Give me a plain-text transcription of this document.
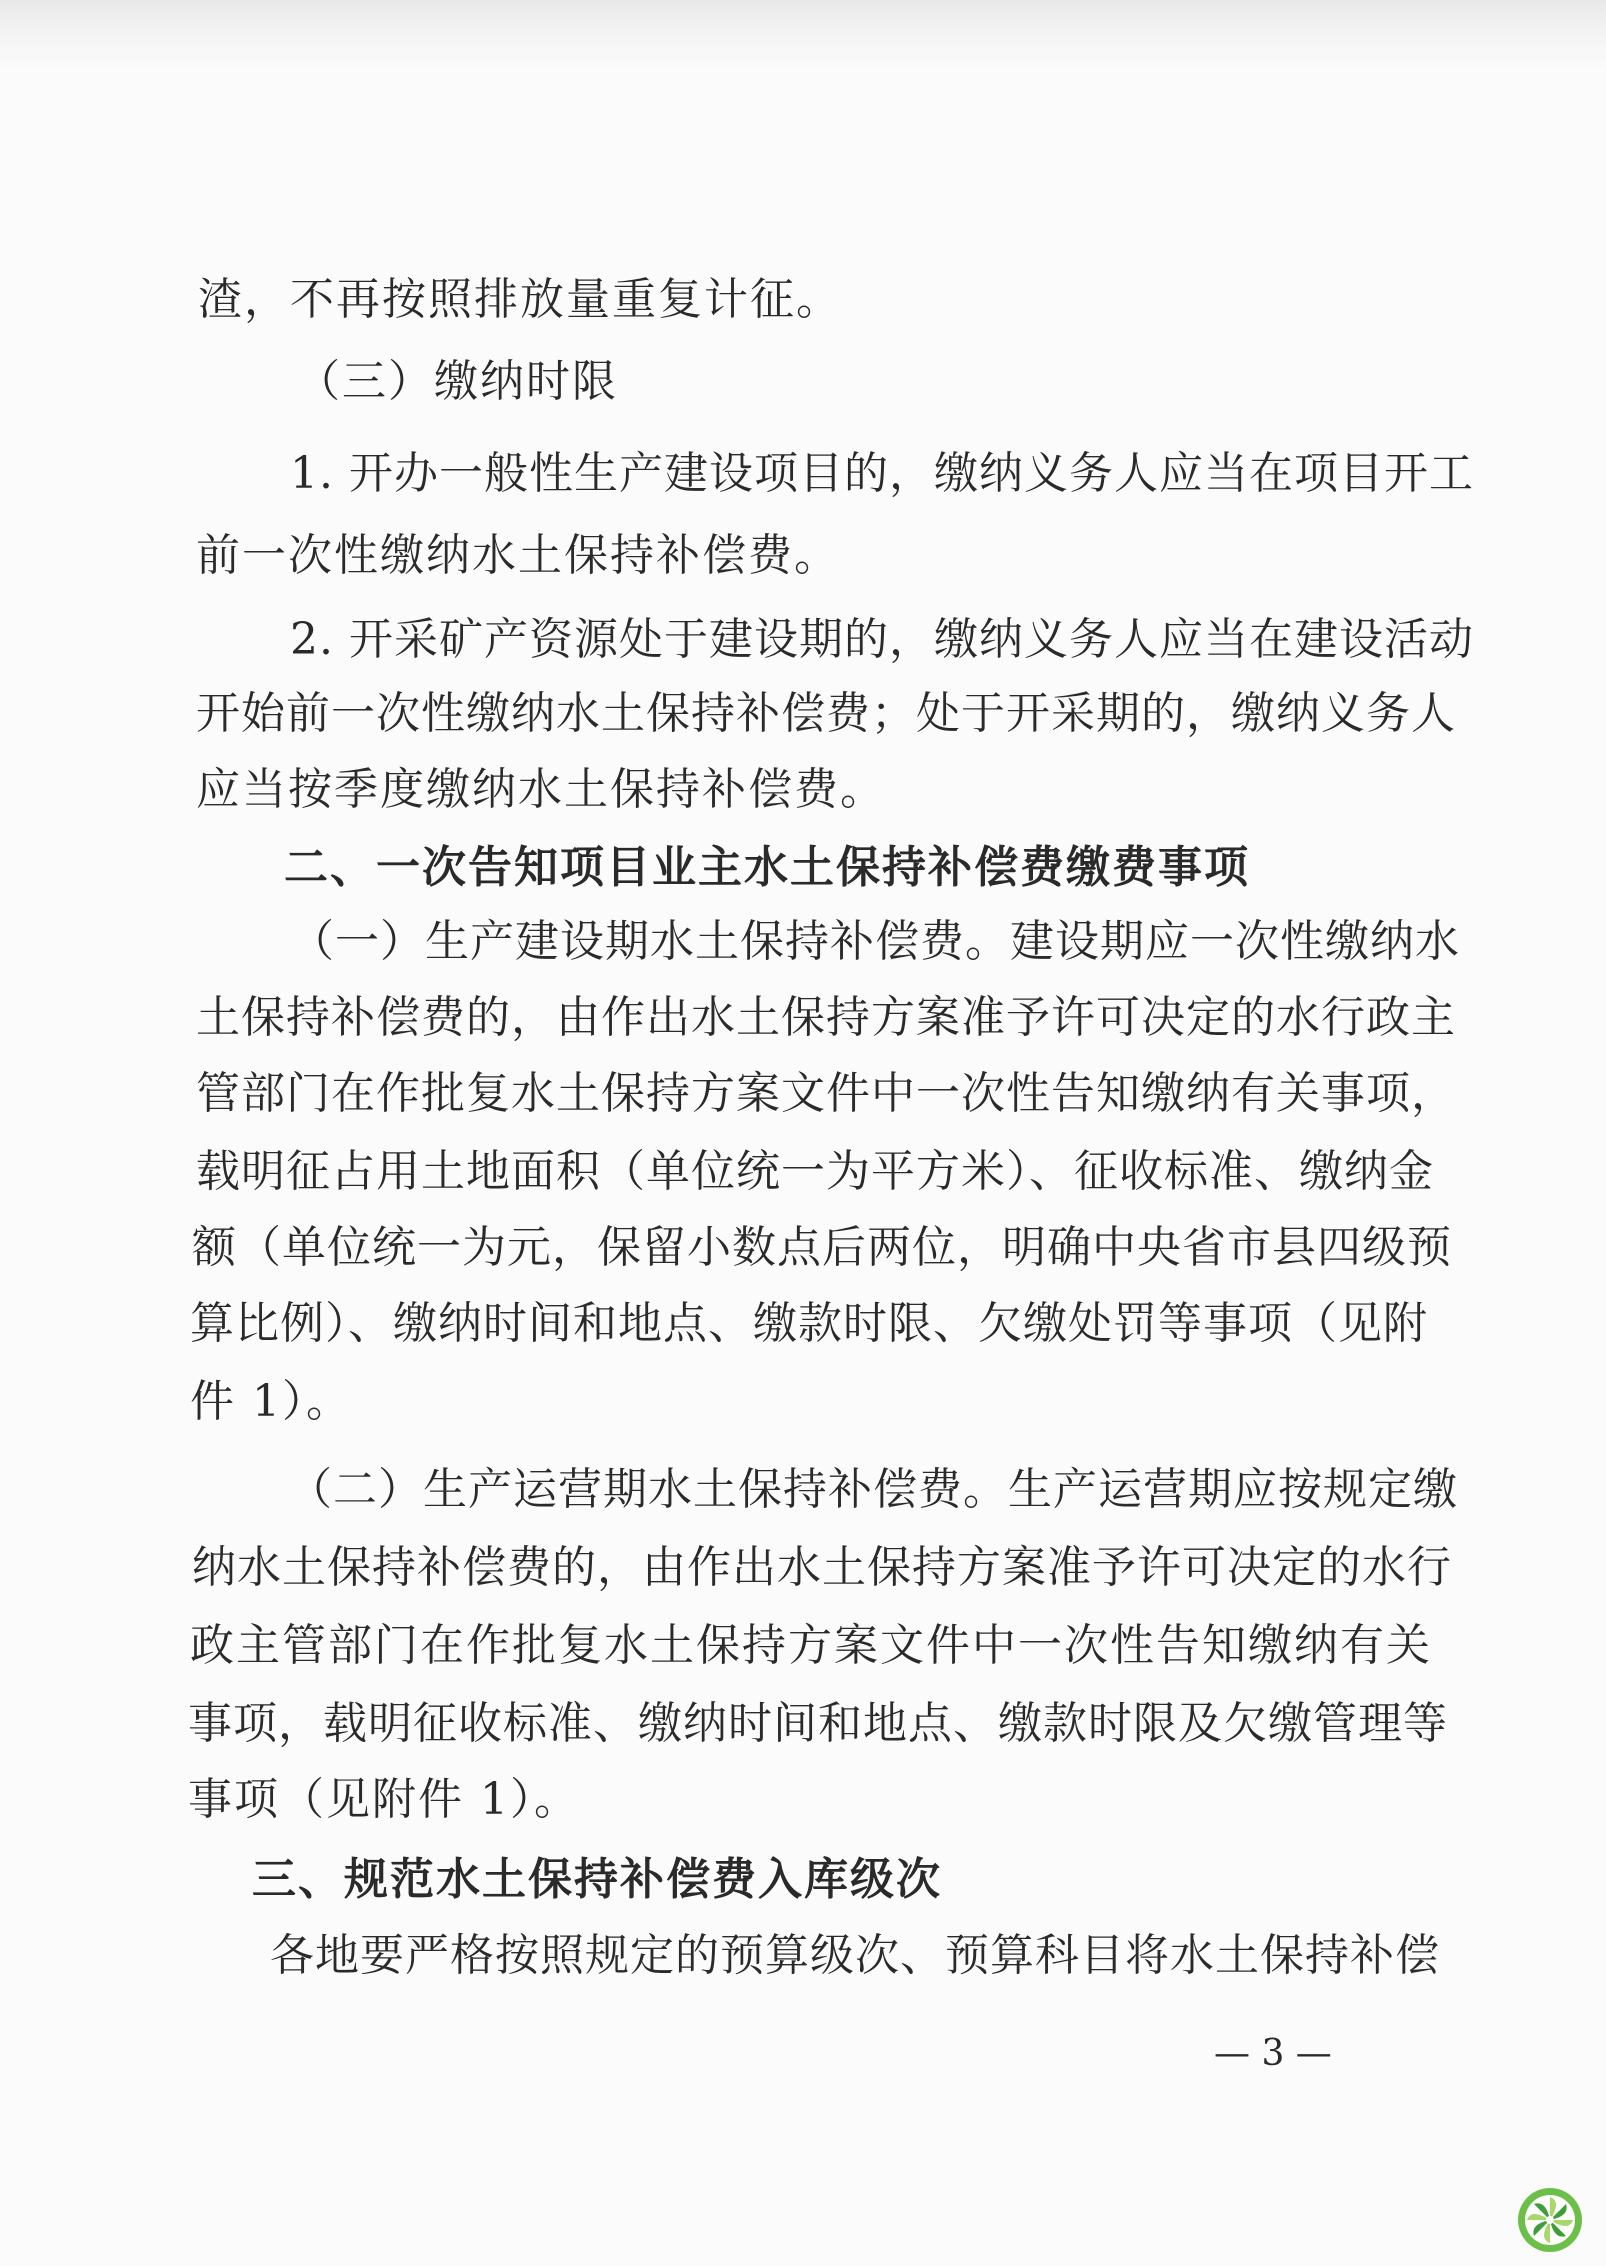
渣，不再按照排放量重复计征。

（三）缴纳时限

1. 开办一般性生产建设项目的，缴纳义务人应当在项目开工

前一次性缴纳水土保持补偿费。

2. 开采矿产资源处于建设期的，缴纳义务人应当在建设活动

开始前一次性缴纳水土保持补偿费；处于开采期的，缴纳义务人

应当按季度缴纳水土保持补偿费。

二、一次告知项目业主水土保持补偿费缴费事项

（一）生产建设期水土保持补偿费。建设期应一次性缴纳水

土保持补偿费的，由作出水土保持方案准予许可决定的水行政主

管部门在作批复水土保持方案文件中一次性告知缴纳有关事项，

载明征占用土地面积（单位统一为平方米）、征收标准、缴纳金

额（单位统一为元，保留小数点后两位，明确中央省市县四级预

算比例）、缴纳时间和地点、缴款时限、欠缴处罚等事项（见附

件 1）。

（二）生产运营期水土保持补偿费。生产运营期应按规定缴

纳水土保持补偿费的，由作出水土保持方案准予许可决定的水行

政主管部门在作批复水土保持方案文件中一次性告知缴纳有关

事项，载明征收标准、缴纳时间和地点、缴款时限及欠缴管理等

事项（见附件 1）。

三、规范水土保持补偿费入库级次

各地要严格按照规定的预算级次、预算科目将水土保持补偿

— 3 —
